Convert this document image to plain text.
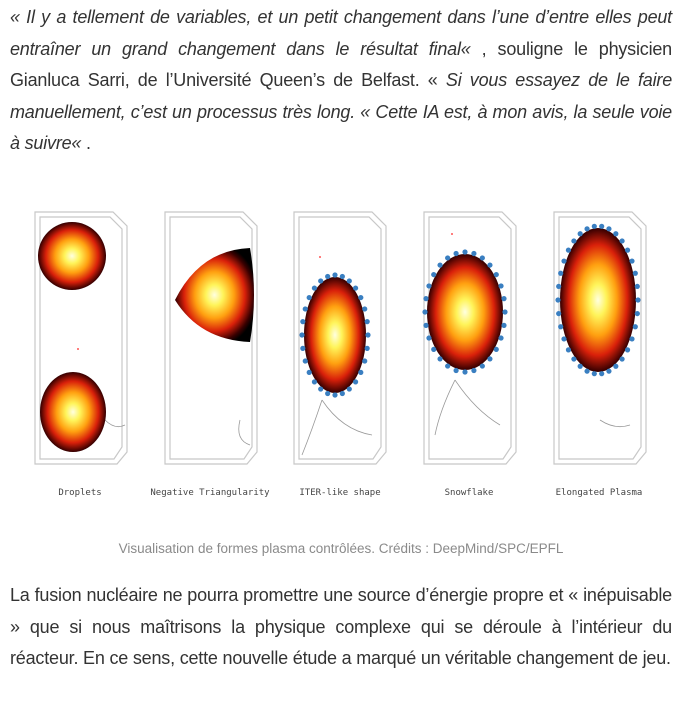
« Il y a tellement de variables, et un petit changement dans l’une d’entre elles peut entraîner un grand changement dans le résultat final« , souligne le physicien Gianluca Sarri, de l’Université Queen’s de Belfast. « Si vous essayez de le faire manuellement, c’est un processus très long. « Cette IA est, à mon avis, la seule voie à suivre« .

Droplets	Negative Triangularity	ITER-like shape	Snowflake	Elongated Plasma
Visualisation de formes plasma contrôlées. Crédits : DeepMind/SPC/EPFL

La fusion nucléaire ne pourra promettre une source d’énergie propre et « inépuisable » que si nous maîtrisons la physique complexe qui se déroule à l’intérieur du réacteur. En ce sens, cette nouvelle étude a marqué un véritable changement de jeu.
